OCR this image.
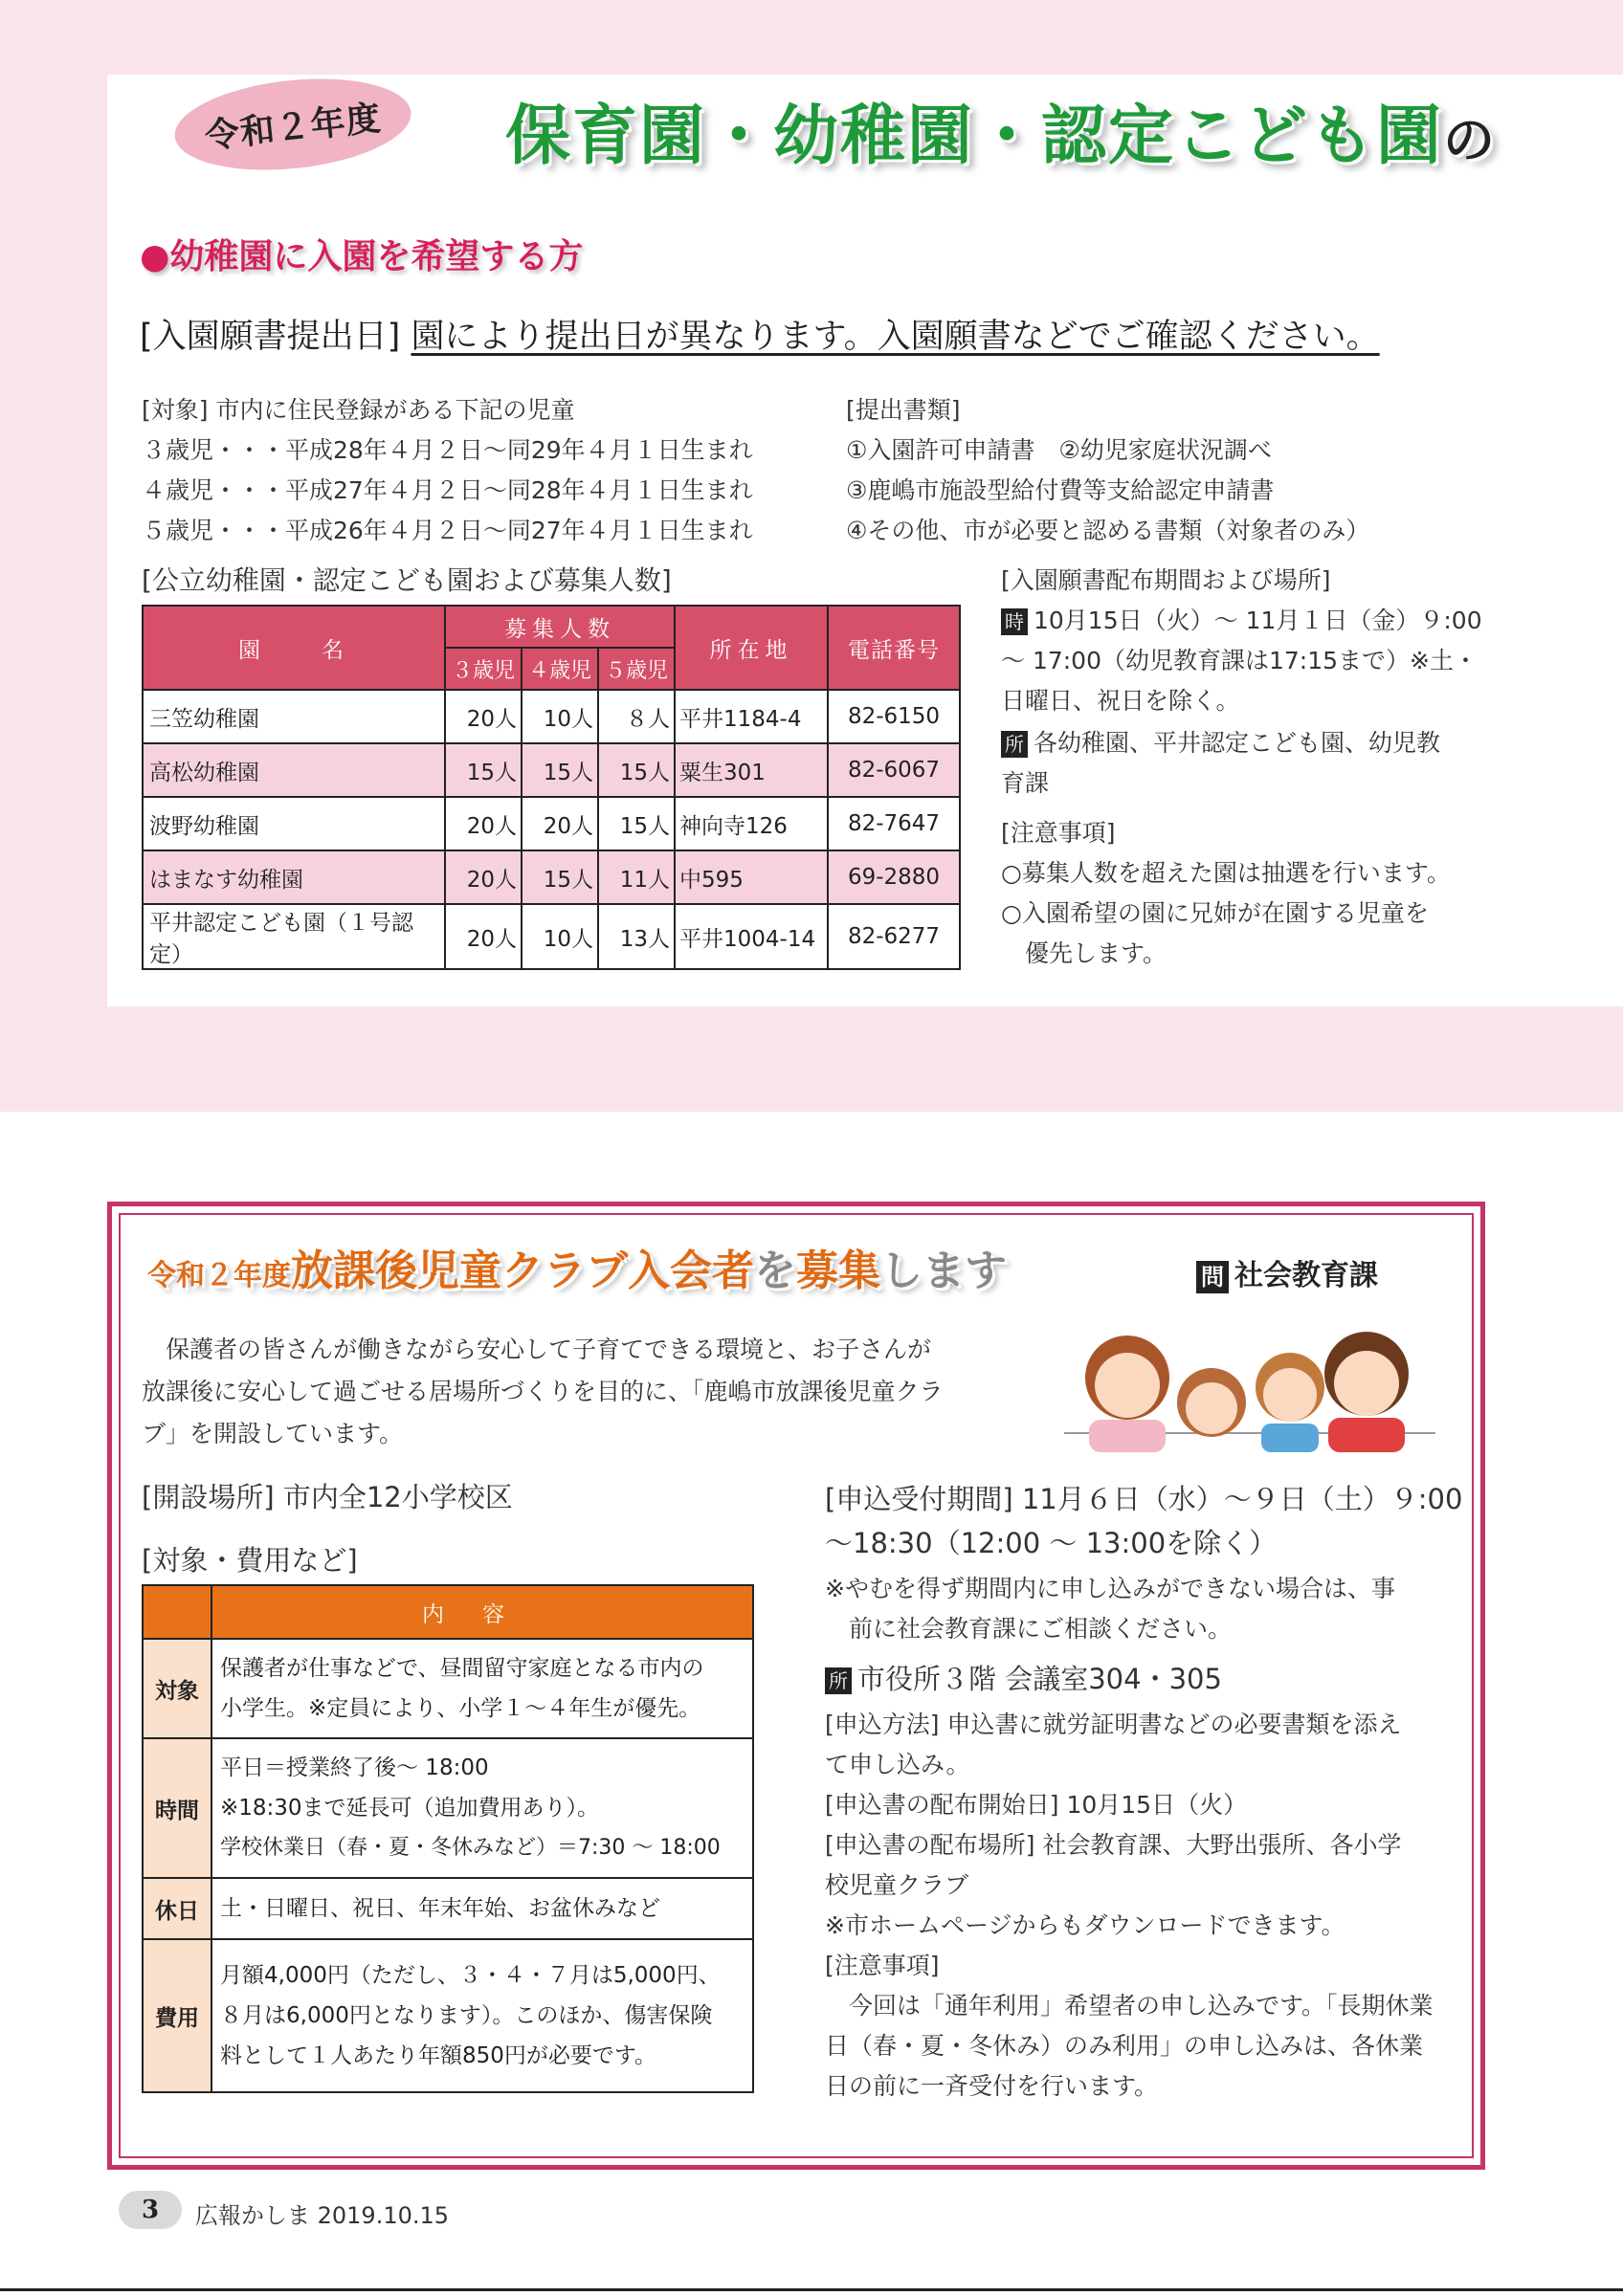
令和２年度	保育園・幼稚園・認定こども園の
●幼稚園に入園を希望する方
[入園願書提出日] 園により提出日が異なります。入園願書などでご確認ください。
[対象] 市内に住民登録がある下記の児童
３歳児・・・平成28年４月２日～同29年４月１日生まれ
４歳児・・・平成27年４月２日～同28年４月１日生まれ
５歳児・・・平成26年４月２日～同27年４月１日生まれ
[提出書類]
①入園許可申請書　②幼児家庭状況調べ
③鹿嶋市施設型給付費等支給認定申請書
④その他、市が必要と認める書類（対象者のみ）
[公立幼稚園・認定こども園および募集人数]
園　　名	募集人数			所在地	電話番号
	３歳児	４歳児	５歳児		
三笠幼稚園	20人	10人	８人	平井1184-4	82-6150
高松幼稚園	15人	15人	15人	粟生301	82-6067
波野幼稚園	20人	20人	15人	神向寺126	82-7647
はまなす幼稚園	20人	15人	11人	中595	69-2880
平井認定こども園（１号認定）	20人	10人	13人	平井1004-14	82-6277
[入園願書配布期間および場所]
時 10月15日（火）～ 11月１日（金）９:00
～ 17:00（幼児教育課は17:15まで）※土・
日曜日、祝日を除く。
所 各幼稚園、平井認定こども園、幼児教
育課
[注意事項]
○募集人数を超えた園は抽選を行います。
○入園希望の園に兄姉が在園する児童を
　優先します。
令和２年度放課後児童クラブ入会者を募集します	問 社会教育課
　保護者の皆さんが働きながら安心して子育てできる環境と、お子さんが
放課後に安心して過ごせる居場所づくりを目的に、「鹿嶋市放課後児童クラ
ブ」を開設しています。
[開設場所] 市内全12小学校区
[対象・費用など]
	内容
対象	保護者が仕事などで、昼間留守家庭となる市内の
小学生。※定員により、小学１～４年生が優先。

時間	平日＝授業終了後～ 18:00
※18:30まで延長可（追加費用あり）。
学校休業日（春・夏・冬休みなど）＝7:30 ～ 18:00

休日	土・日曜日、祝日、年末年始、お盆休みなど

費用	月額4,000円（ただし、３・４・７月は5,000円、
８月は6,000円となります）。このほか、傷害保険
料として１人あたり年額850円が必要です。
[申込受付期間] 11月６日（水）～９日（土）９:00
～18:30（12:00 ～ 13:00を除く）
※やむを得ず期間内に申し込みができない場合は、事
　前に社会教育課にご相談ください。
所 市役所３階 会議室304・305
[申込方法] 申込書に就労証明書などの必要書類を添え
て申し込み。
[申込書の配布開始日] 10月15日（火）
[申込書の配布場所] 社会教育課、大野出張所、各小学
校児童クラブ
※市ホームページからもダウンロードできます。
[注意事項]
　今回は「通年利用」希望者の申し込みです。「長期休業
日（春・夏・冬休み）のみ利用」の申し込みは、各休業
日の前に一斉受付を行います。
3	広報かしま 2019.10.15
